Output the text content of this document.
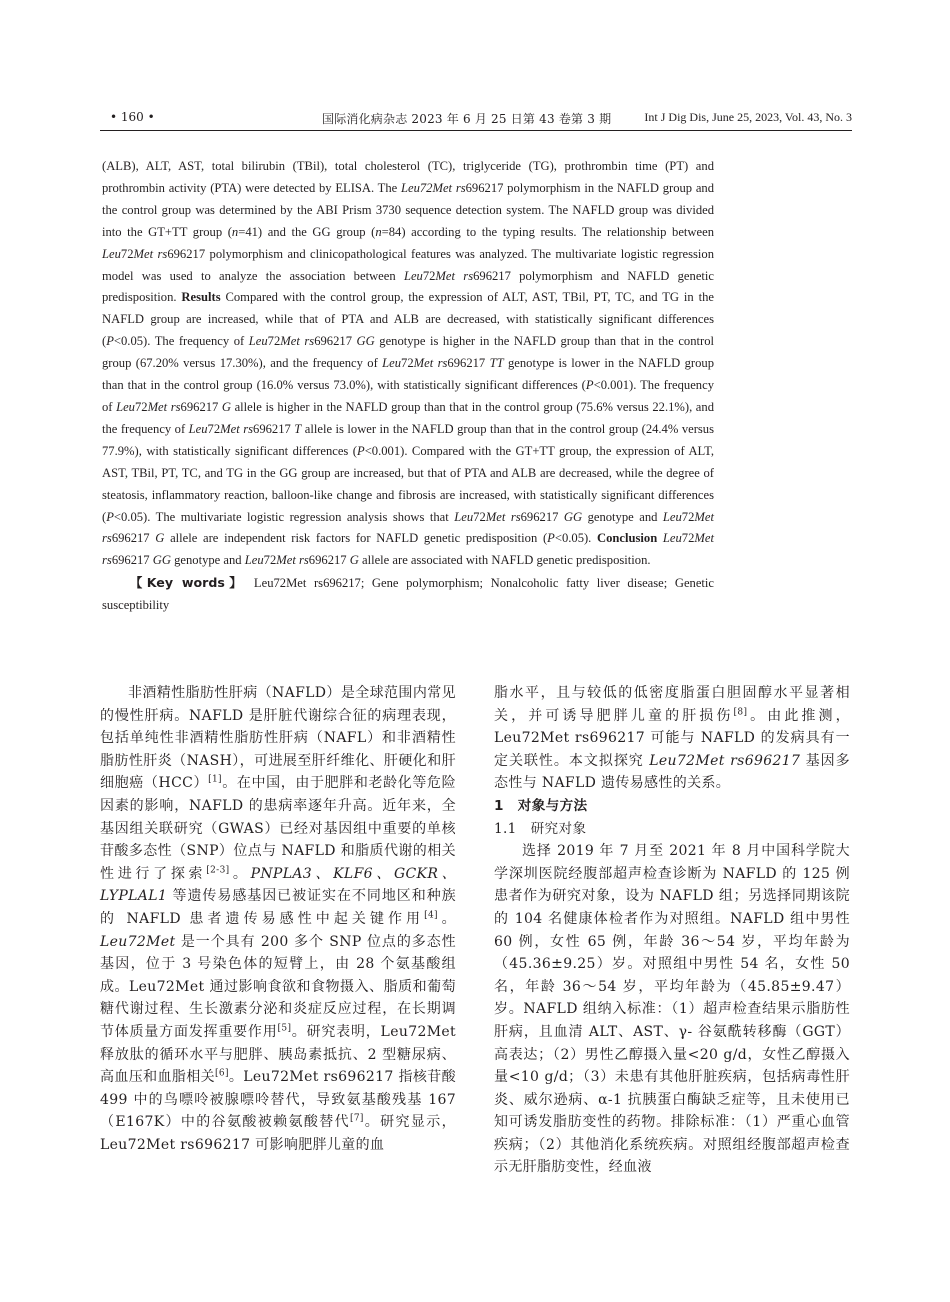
• 160 •	国际消化病杂志 2023 年 6 月 25 日第 43 卷第 3 期	Int J Dig Dis, June 25, 2023, Vol. 43, No. 3

(ALB), ALT, AST, total bilirubin (TBil), total cholesterol (TC), triglyceride (TG), prothrombin time (PT) and prothrombin activity (PTA) were detected by ELISA. The Leu72Met rs696217 polymorphism in the NAFLD group and the control group was determined by the ABI Prism 3730 sequence detection system. The NAFLD group was divided into the GT+TT group (n=41) and the GG group (n=84) according to the typing results. The relationship between Leu72Met rs696217 polymorphism and clinicopathological features was analyzed. The multivariate logistic regression model was used to analyze the association between Leu72Met rs696217 polymorphism and NAFLD genetic predisposition. Results Compared with the control group, the expression of ALT, AST, TBil, PT, TC, and TG in the NAFLD group are increased, while that of PTA and ALB are decreased, with statistically significant differences (P<0.05). The frequency of Leu72Met rs696217 GG genotype is higher in the NAFLD group than that in the control group (67.20% versus 17.30%), and the frequency of Leu72Met rs696217 TT genotype is lower in the NAFLD group than that in the control group (16.0% versus 73.0%), with statistically significant differences (P<0.001). The frequency of Leu72Met rs696217 G allele is higher in the NAFLD group than that in the control group (75.6% versus 22.1%), and the frequency of Leu72Met rs696217 T allele is lower in the NAFLD group than that in the control group (24.4% versus 77.9%), with statistically significant differences (P<0.001). Compared with the GT+TT group, the expression of ALT, AST, TBil, PT, TC, and TG in the GG group are increased, but that of PTA and ALB are decreased, while the degree of steatosis, inflammatory reaction, balloon-like change and fibrosis are increased, with statistically significant differences (P<0.05). The multivariate logistic regression analysis shows that Leu72Met rs696217 GG genotype and Leu72Met rs696217 G allele are independent risk factors for NAFLD genetic predisposition (P<0.05). Conclusion Leu72Met rs696217 GG genotype and Leu72Met rs696217 G allele are associated with NAFLD genetic predisposition.

【Key words】 Leu72Met rs696217; Gene polymorphism; Nonalcoholic fatty liver disease; Genetic susceptibility

非酒精性脂肪性肝病（NAFLD）是全球范围内常见的慢性肝病。NAFLD 是肝脏代谢综合征的病理表现，包括单纯性非酒精性脂肪性肝病（NAFL）和非酒精性脂肪性肝炎（NASH），可进展至肝纤维化、肝硬化和肝细胞癌（HCC）[1]。在中国，由于肥胖和老龄化等危险因素的影响，NAFLD 的患病率逐年升高。近年来，全基因组关联研究（GWAS）已经对基因组中重要的单核苷酸多态性（SNP）位点与 NAFLD 和脂质代谢的相关性进行了探索[2-3]。PNPLA3、KLF6、GCKR、LYPLAL1 等遗传易感基因已被证实在不同地区和种族的 NAFLD 患者遗传易感性中起关键作用[4]。Leu72Met 是一个具有 200 多个 SNP 位点的多态性基因，位于 3 号染色体的短臂上，由 28 个氨基酸组成。Leu72Met 通过影响食欲和食物摄入、脂质和葡萄糖代谢过程、生长激素分泌和炎症反应过程，在长期调节体质量方面发挥重要作用[5]。研究表明，Leu72Met 释放肽的循环水平与肥胖、胰岛素抵抗、2 型糖尿病、高血压和血脂相关[6]。Leu72Met rs696217 指核苷酸 499 中的鸟嘌呤被腺嘌呤替代，导致氨基酸残基 167（E167K）中的谷氨酸被赖氨酸替代[7]。研究显示，Leu72Met rs696217 可影响肥胖儿童的血

脂水平，且与较低的低密度脂蛋白胆固醇水平显著相关，并可诱导肥胖儿童的肝损伤[8]。由此推测，Leu72Met rs696217 可能与 NAFLD 的发病具有一定关联性。本文拟探究 Leu72Met rs696217 基因多态性与 NAFLD 遗传易感性的关系。

1　对象与方法

1.1　研究对象

选择 2019 年 7 月至 2021 年 8 月中国科学院大学深圳医院经腹部超声检查诊断为 NAFLD 的 125 例患者作为研究对象，设为 NAFLD 组；另选择同期该院的 104 名健康体检者作为对照组。NAFLD 组中男性 60 例，女性 65 例，年龄 36～54 岁，平均年龄为（45.36±9.25）岁。对照组中男性 54 名，女性 50 名，年龄 36～54 岁，平均年龄为（45.85±9.47）岁。NAFLD 组纳入标准：（1）超声检查结果示脂肪性肝病，且血清 ALT、AST、γ- 谷氨酰转移酶（GGT）高表达；（2）男性乙醇摄入量<20 g/d，女性乙醇摄入量<10 g/d；（3）未患有其他肝脏疾病，包括病毒性肝炎、威尔逊病、α-1 抗胰蛋白酶缺乏症等，且未使用已知可诱发脂肪变性的药物。排除标准：（1）严重心血管疾病；（2）其他消化系统疾病。对照组经腹部超声检查示无肝脂肪变性，经血液
